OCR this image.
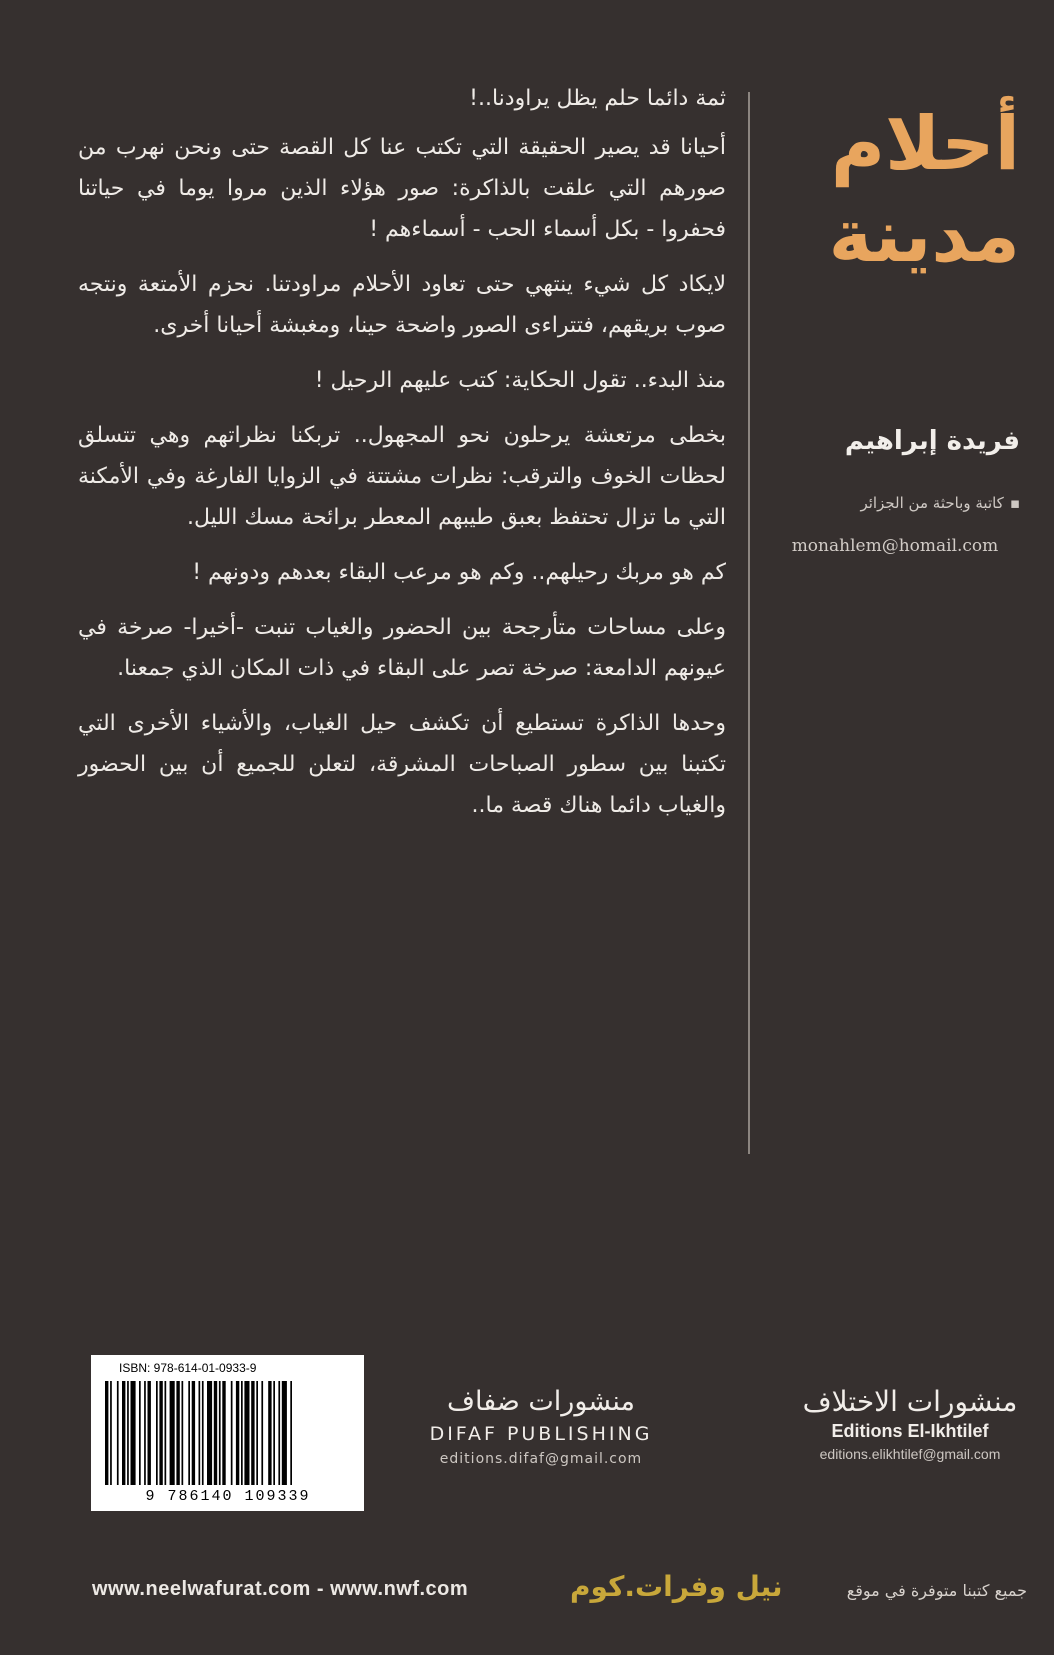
ثمة دائما حلم يظل يراودنا..!

أحيانا قد يصير الحقيقة التي تكتب عنا كل القصة حتى ونحن نهرب من صورهم التي علقت بالذاكرة: صور هؤلاء الذين مروا يوما في حياتنا فحفروا - بكل أسماء الحب - أسماءهم !

لايكاد كل شيء ينتهي حتى تعاود الأحلام مراودتنا. نحزم الأمتعة ونتجه صوب بريقهم، فتتراءى الصور واضحة حينا، ومغبشة أحيانا أخرى.

منذ البدء.. تقول الحكاية: كتب عليهم الرحيل !

بخطى مرتعشة يرحلون نحو المجهول.. تربكنا نظراتهم وهي تتسلق لحظات الخوف والترقب: نظرات مشتتة في الزوايا الفارغة وفي الأمكنة التي ما تزال تحتفظ بعبق طيبهم المعطر برائحة مسك الليل.

كم هو مربك رحيلهم.. وكم هو مرعب البقاء بعدهم ودونهم !

وعلى مساحات متأرجحة بين الحضور والغياب تنبت -أخيرا- صرخة في عيونهم الدامعة: صرخة تصر على البقاء في ذات المكان الذي جمعنا.

وحدها الذاكرة تستطيع أن تكشف حيل الغياب، والأشياء الأخرى التي تكتبنا بين سطور الصباحات المشرقة، لتعلن للجميع أن بين الحضور والغياب دائما هناك قصة ما..

أحلام
مدينة
فريدة إبراهيم
▪كاتبة وباحثة من الجزائر
monahlem@homail.com
ISBN: 978-614-01-0933-9
9 786140 109339
منشورات ضفاف
DIFAF PUBLISHING
editions.difaf@gmail.com
منشورات الاختلاف
Editions El-Ikhtilef
editions.elikhtilef@gmail.com
www.neelwafurat.com - www.nwf.com	نيل وفرات.كوم	جميع كتبنا متوفرة في موقع
